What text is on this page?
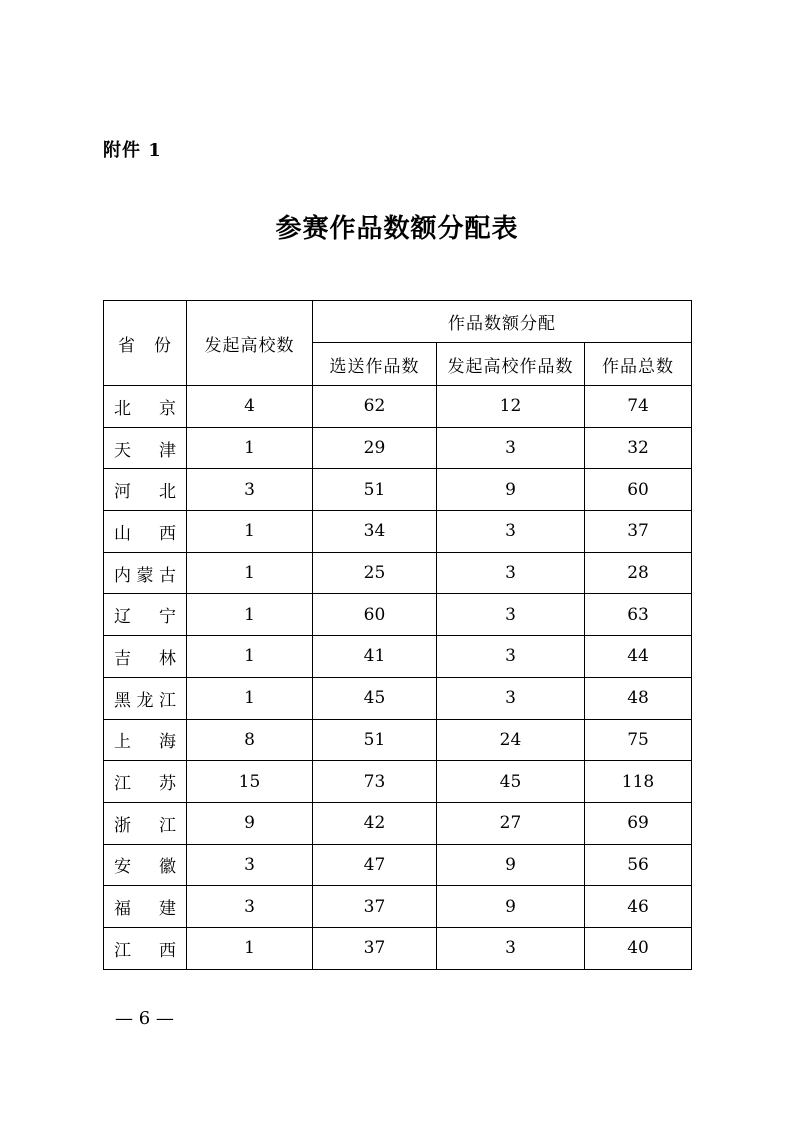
附件 1
参赛作品数额分配表
省　份	发起高校数	作品数额分配		
		选送作品数	发起高校作品数	作品总数
北京	4	62	12	74
天津	1	29	3	32
河北	3	51	9	60
山西	1	34	3	37
内蒙古	1	25	3	28
辽宁	1	60	3	63
吉林	1	41	3	44
黑龙江	1	45	3	48
上海	8	51	24	75
江苏	15	73	45	118
浙江	9	42	27	69
安徽	3	47	9	56
福建	3	37	9	46
江西	1	37	3	40
— 6 —
